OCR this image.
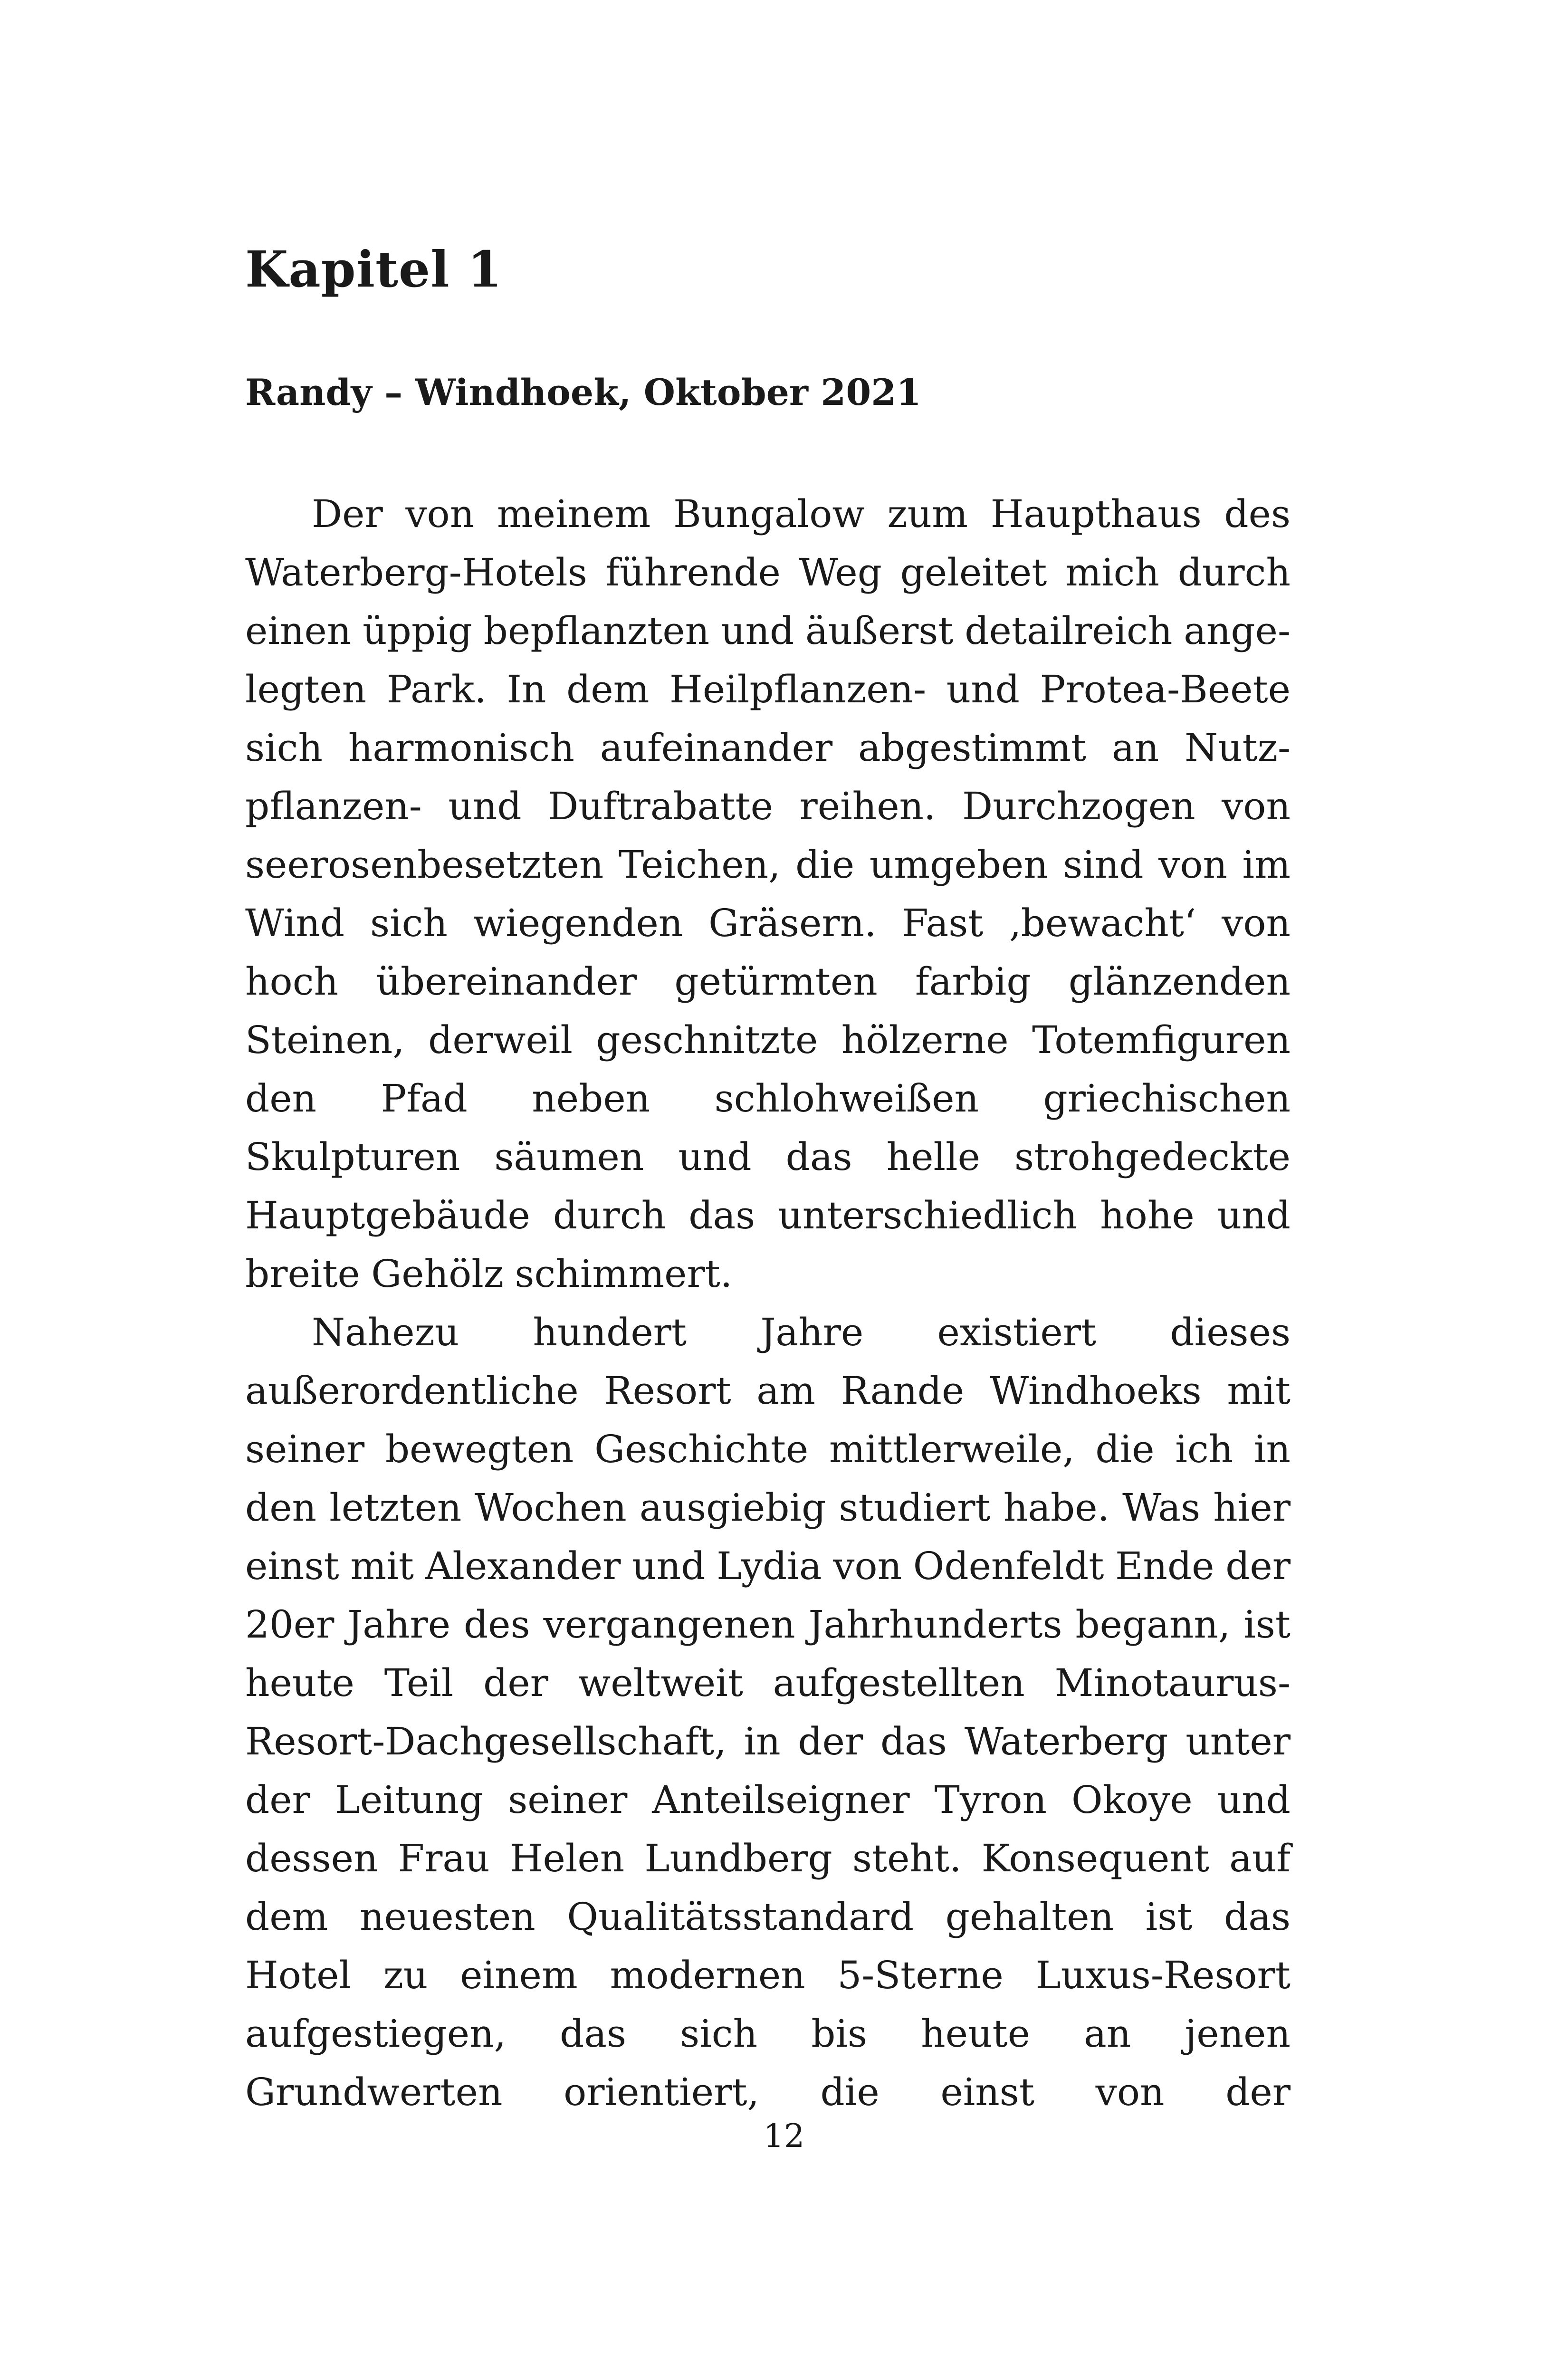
Kapitel 1
Randy – Windhoek, Oktober 2021

Der von meinem Bungalow zum Haupthaus des Waterberg-Hotels führende Weg geleitet mich durch einen üppig bepflanzten und äußerst detailreich angelegten Park. In dem Heilpflanzen- und Protea-Beete sich harmonisch aufeinander abgestimmt an Nutzpflanzen- und Duftrabatte reihen. Durchzogen von seerosenbesetzten Teichen, die umgeben sind von im Wind sich wiegenden Gräsern. Fast ‚bewacht‘ von hoch übereinander getürmten farbig glänzenden Steinen, derweil geschnitzte hölzerne Totemfiguren den Pfad neben schlohweißen griechischen Skulpturen säumen und das helle strohgedeckte Hauptgebäude durch das unterschiedlich hohe und breite Gehölz schimmert.

Nahezu hundert Jahre existiert dieses außerordentliche Resort am Rande Windhoeks mit seiner bewegten Geschichte mittlerweile, die ich in den letzten Wochen ausgiebig studiert habe. Was hier einst mit Alexander und Lydia von Odenfeldt Ende der 20er Jahre des vergangenen Jahrhunderts begann, ist heute Teil der weltweit aufgestellten Minotaurus-Resort-Dachgesellschaft, in der das Waterberg unter der Leitung seiner Anteilseigner Tyron Okoye und dessen Frau Helen Lundberg steht. Konsequent auf dem neuesten Qualitätsstandard gehalten ist das Hotel zu einem modernen 5-Sterne Luxus-Resort aufgestiegen, das sich bis heute an jenen Grundwerten orientiert, die einst von der

12
